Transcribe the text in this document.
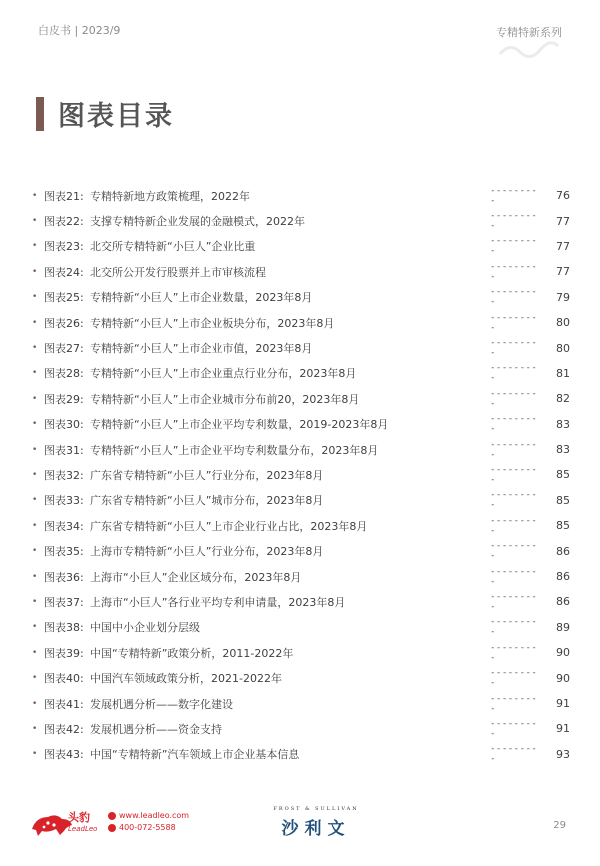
白皮书 | 2023/9	专精特新系列
图表目录
• 图表21: 专精特新地方政策梳理，2022年	---------	76
• 图表22: 支撑专精特新企业发展的金融模式，2022年	---------	77
• 图表23: 北交所专精特新“小巨人”企业比重	---------	77
• 图表24: 北交所公开发行股票并上市审核流程	---------	77
• 图表25: 专精特新“小巨人”上市企业数量，2023年8月	---------	79
• 图表26: 专精特新“小巨人”上市企业板块分布，2023年8月	---------	80
• 图表27: 专精特新“小巨人”上市企业市值，2023年8月	---------	80
• 图表28: 专精特新“小巨人”上市企业重点行业分布，2023年8月	---------	81
• 图表29: 专精特新“小巨人”上市企业城市分布前20，2023年8月	---------	82
• 图表30: 专精特新“小巨人”上市企业平均专利数量，2019-2023年8月	---------	83
• 图表31: 专精特新“小巨人”上市企业平均专利数量分布，2023年8月	---------	83
• 图表32: 广东省专精特新“小巨人”行业分布，2023年8月	---------	85
• 图表33: 广东省专精特新“小巨人”城市分布，2023年8月	---------	85
• 图表34: 广东省专精特新“小巨人”上市企业行业占比，2023年8月	---------	85
• 图表35: 上海市专精特新“小巨人”行业分布，2023年8月	---------	86
• 图表36: 上海市“小巨人”企业区域分布，2023年8月	---------	86
• 图表37: 上海市“小巨人”各行业平均专利申请量，2023年8月	---------	86
• 图表38: 中国中小企业划分层级	---------	89
• 图表39: 中国“专精特新”政策分析，2011-2022年	---------	90
• 图表40: 中国汽车领域政策分析，2021-2022年	---------	90
• 图表41: 发展机遇分析——数字化建设	---------	91
• 图表42: 发展机遇分析——资金支持	---------	91
• 图表43: 中国“专精特新”汽车领域上市企业基本信息	---------	93
头豹
LeadLeo
www.leadleo.com
400-072-5588
FROST & SULLIVAN
沙利文	29
